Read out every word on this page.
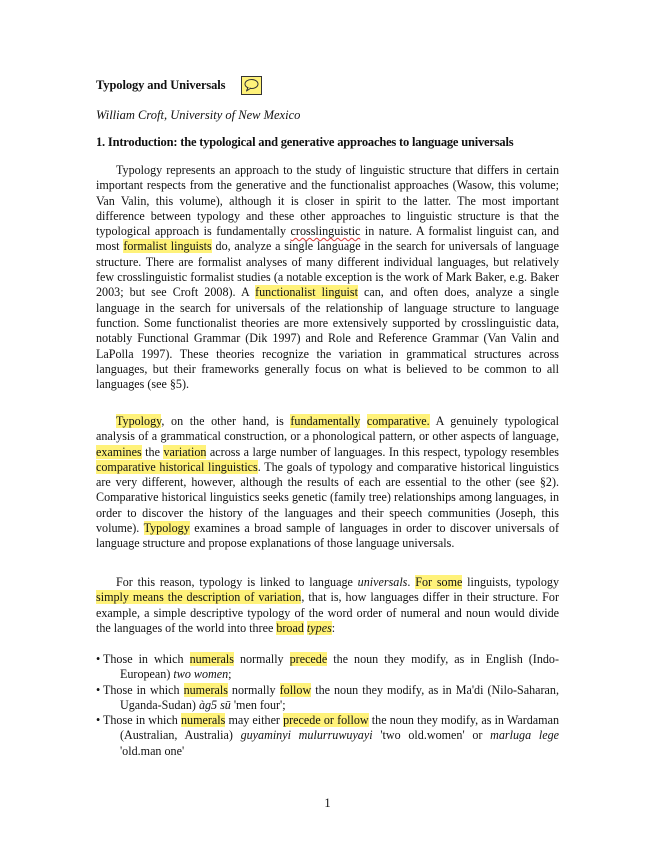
Typology and Universals
William Croft, University of New Mexico
1. Introduction: the typological and generative approaches to language universals

Typology represents an approach to the study of linguistic structure that differs in certain important respects from the generative and the functionalist approaches (Wasow, this volume; Van Valin, this volume), although it is closer in spirit to the latter. The most important difference between typology and these other approaches to linguistic structure is that the typological approach is fundamentally crosslinguistic in nature. A formalist linguist can, and most formalist linguists do, analyze a single language in the search for universals of language structure. There are formalist analyses of many different individual languages, but relatively few crosslinguistic formalist studies (a notable exception is the work of Mark Baker, e.g. Baker 2003; but see Croft 2008). A functionalist linguist can, and often does, analyze a single language in the search for universals of the relationship of language structure to language function. Some functionalist theories are more extensively supported by crosslinguistic data, notably Functional Grammar (Dik 1997) and Role and Reference Grammar (Van Valin and LaPolla 1997). These theories recognize the variation in grammatical structures across languages, but their frameworks generally focus on what is believed to be common to all languages (see §5).

Typology, on the other hand, is fundamentally comparative. A genuinely typological analysis of a grammatical construction, or a phonological pattern, or other aspects of language, examines the variation across a large number of languages. In this respect, typology resembles comparative historical linguistics. The goals of typology and comparative historical linguistics are very different, however, although the results of each are essential to the other (see §2). Comparative historical linguistics seeks genetic (family tree) relationships among languages, in order to discover the history of the languages and their speech communities (Joseph, this volume). Typology examines a broad sample of languages in order to discover universals of language structure and propose explanations of those language universals.

For this reason, typology is linked to language universals. For some linguists, typology simply means the description of variation, that is, how languages differ in their structure. For example, a simple descriptive typology of the word order of numeral and noun would divide the languages of the world into three broad types:

• Those in which numerals normally precede the noun they modify, as in English (Indo-European) two women;
• Those in which numerals normally follow the noun they modify, as in Ma'di (Nilo-Saharan, Uganda-Sudan) àg5 sū 'men four';
• Those in which numerals may either precede or follow the noun they modify, as in Wardaman (Australian, Australia) guyaminyi mulurruwuyayi 'two old.women' or marluga lege 'old.man one'
1
